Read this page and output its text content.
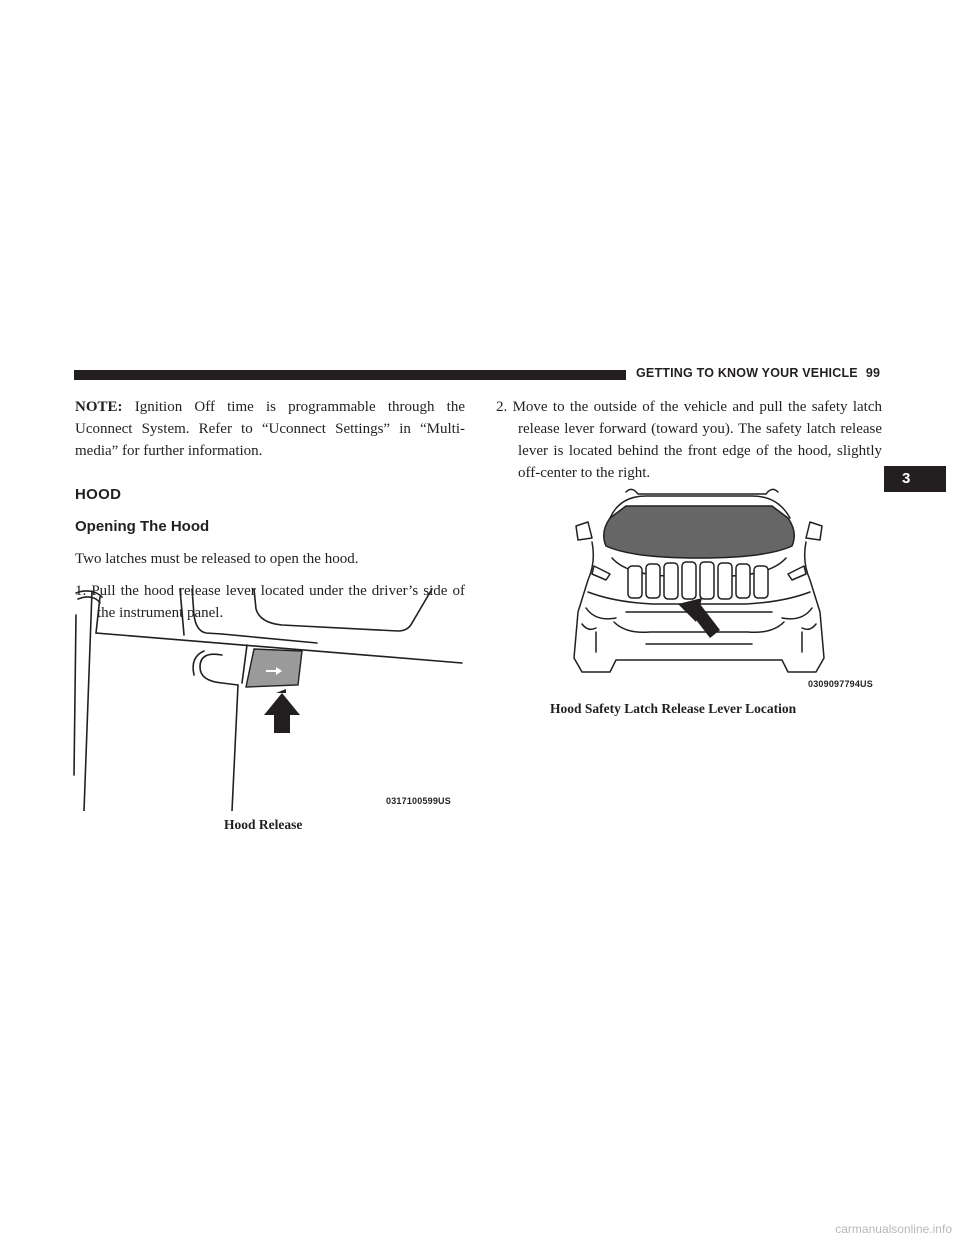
GETTING TO KNOW YOUR VEHICLE 99
3

NOTE: Ignition Off time is programmable through the Uconnect System. Refer to “Uconnect Settings” in “Multi-media” for further information.

HOOD
Opening The Hood

Two latches must be released to open the hood.

1. Pull the hood release lever located under the driver’s side of the instrument panel.

0317100599US
Hood Release

2. Move to the outside of the vehicle and pull the safety latch release lever forward (toward you). The safety latch release lever is located behind the front edge of the hood, slightly off-center to the right.

0309097794US
Hood Safety Latch Release Lever Location
carmanualsonline.info
